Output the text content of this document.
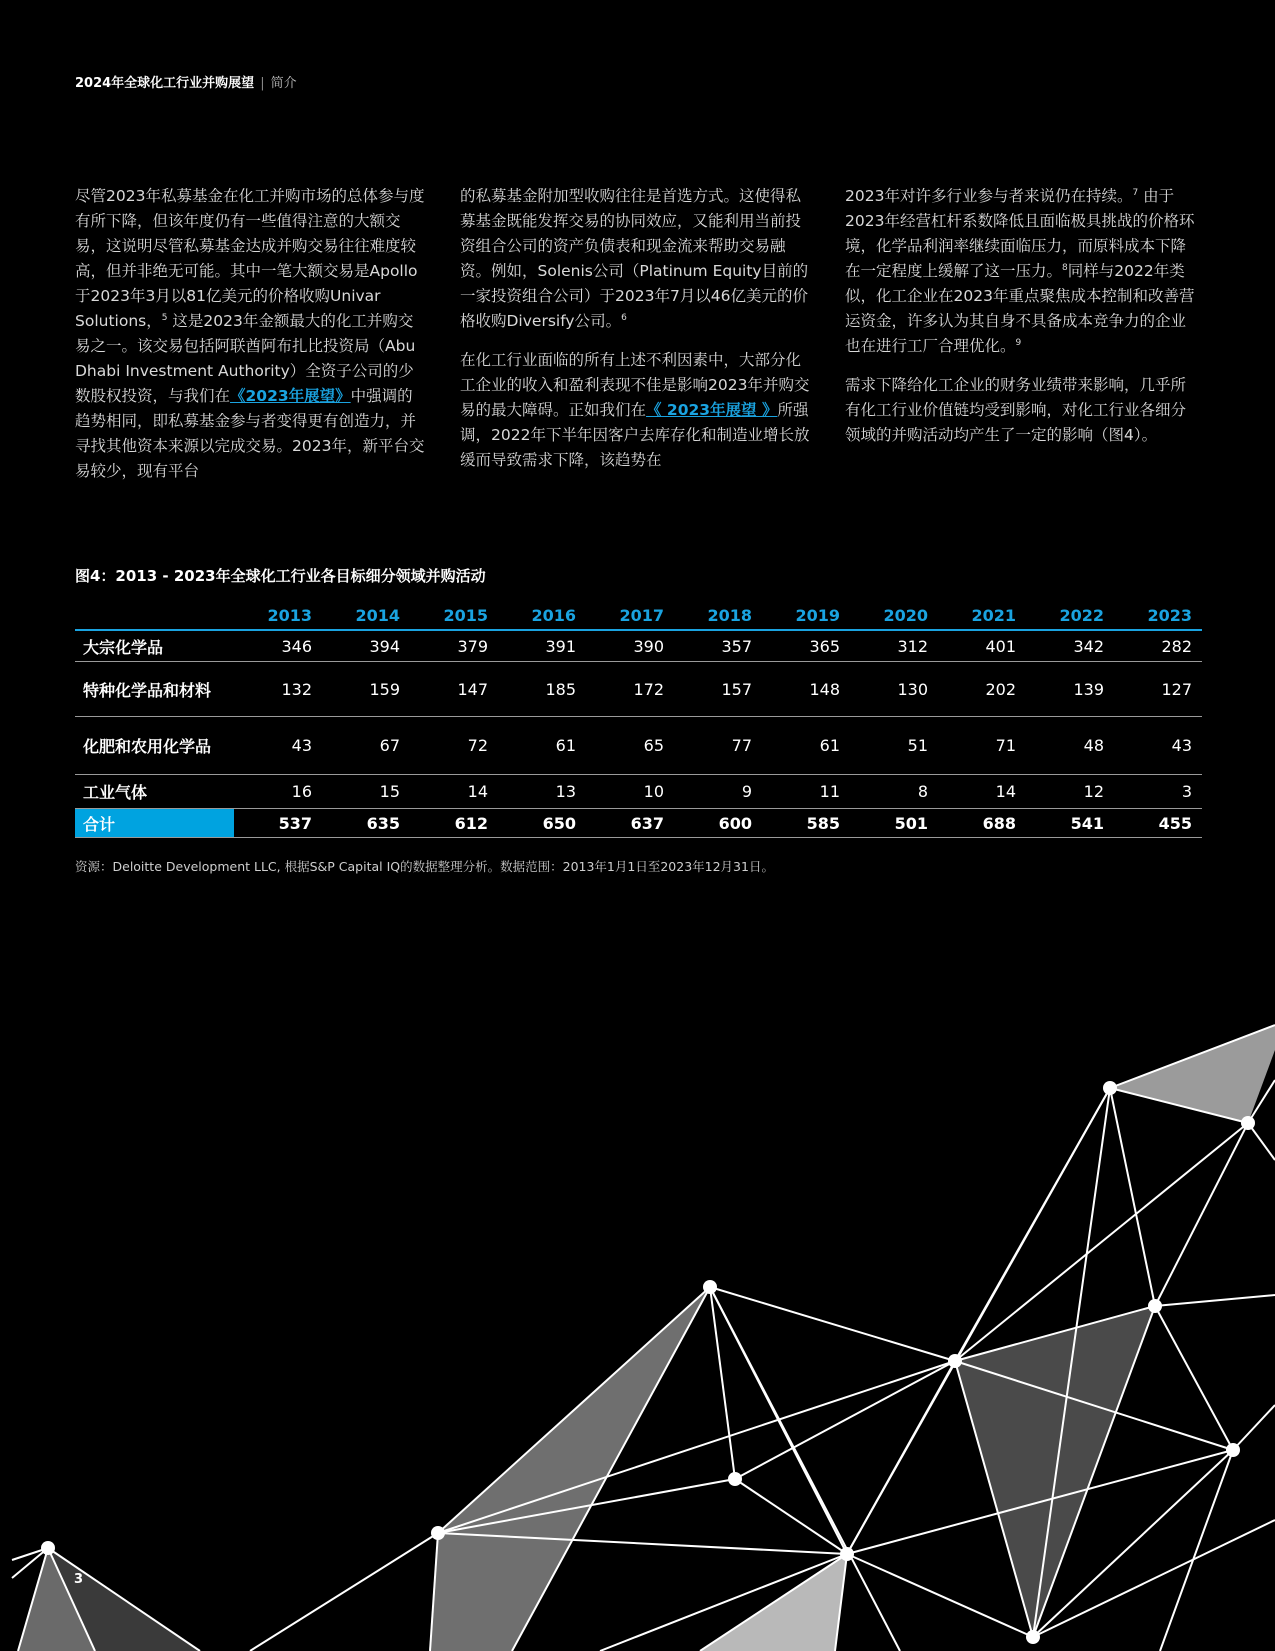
2024年全球化工行业并购展望 | 简介

尽管2023年私募基金在化工并购市场的总体参与度有所下降，但该年度仍有一些值得注意的大额交易，这说明尽管私募基金达成并购交易往往难度较高，但并非绝无可能。其中一笔大额交易是Apollo于2023年3月以81亿美元的价格收购Univar Solutions，$^5$ 这是2023年金额最大的化工并购交易之一。该交易包括阿联酋阿布扎比投资局（Abu Dhabi Investment Authority）全资子公司的少数股权投资，与我们在《2023年展望》中强调的趋势相同，即私募基金参与者变得更有创造力，并寻找其他资本来源以完成交易。2023年，新平台交易较少，现有平台

的私募基金附加型收购往往是首选方式。这使得私募基金既能发挥交易的协同效应，又能利用当前投资组合公司的资产负债表和现金流来帮助交易融资。例如，Solenis公司（Platinum Equity目前的一家投资组合公司）于2023年7月以46亿美元的价格收购Diversify公司。$^6$

在化工行业面临的所有上述不利因素中，大部分化工企业的收入和盈利表现不佳是影响2023年并购交易的最大障碍。正如我们在《 2023年展望 》所强调，2022年下半年因客户去库存化和制造业增长放缓而导致需求下降，该趋势在

2023年对许多行业参与者来说仍在持续。$^7$ 由于2023年经营杠杆系数降低且面临极具挑战的价格环境，化学品利润率继续面临压力，而原料成本下降在一定程度上缓解了这一压力。$^8$同样与2022年类似，化工企业在2023年重点聚焦成本控制和改善营运资金，许多认为其自身不具备成本竞争力的企业也在进行工厂合理优化。$^9$

需求下降给化工企业的财务业绩带来影响，几乎所有化工行业价值链均受到影响，对化工行业各细分领域的并购活动均产生了一定的影响（图4）。

图4：2013 - 2023年全球化工行业各目标细分领域并购活动
	2013	2014	2015	2016	2017	2018	2019	2020	2021	2022	2023
大宗化学品	346	394	379	391	390	357	365	312	401	342	282
特种化学品和材料	132	159	147	185	172	157	148	130	202	139	127
化肥和农用化学品	43	67	72	61	65	77	61	51	71	48	43
工业气体	16	15	14	13	10	9	11	8	14	12	3
合计	537	635	612	650	637	600	585	501	688	541	455
资源：Deloitte Development LLC, 根据S&P Capital IQ的数据整理分析。数据范围：2013年1月1日至2023年12月31日。
3
